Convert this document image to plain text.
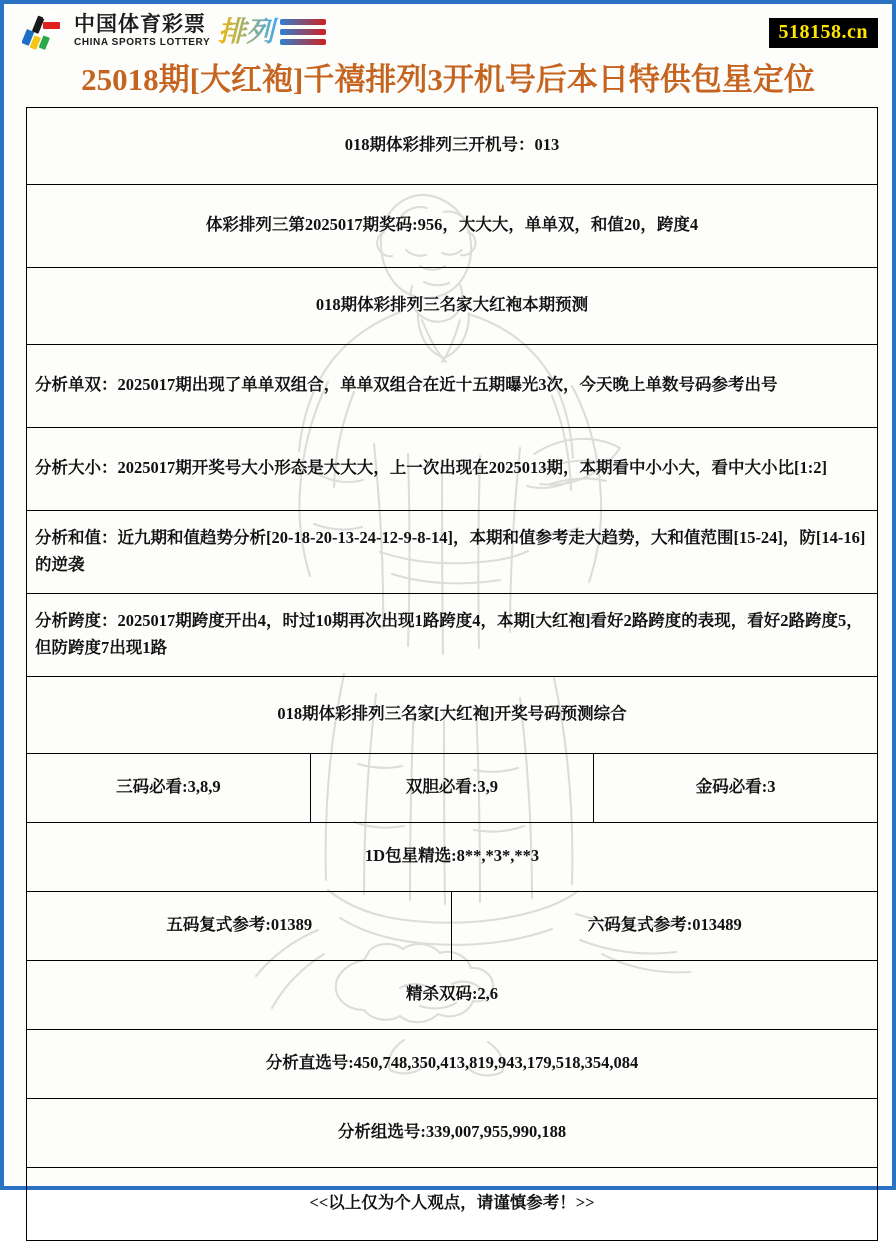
中国体育彩票
CHINA SPORTS LOTTERY 排列	518158.cn
25018期[大红袍]千禧排列3开机号后本日特供包星定位
018期体彩排列三开机号：013			
体彩排列三第2025017期奖码:956，大大大，单单双，和值20，跨度4			
018期体彩排列三名家大红袍本期预测			
分析单双：2025017期出现了单单双组合，单单双组合在近十五期曝光3次，今天晚上单数号码参考出号			
分析大小：2025017期开奖号大小形态是大大大，上一次出现在2025013期，本期看中小小大，看中大小比[1:2]			
分析和值：近九期和值趋势分析[20-18-20-13-24-12-9-8-14]，本期和值参考走大趋势，大和值范围[15-24]，防[14-16]的逆袭			
分析跨度：2025017期跨度开出4，时过10期再次出现1路跨度4，本期[大红袍]看好2路跨度的表现，看好2路跨度5，但防跨度7出现1路			
018期体彩排列三名家[大红袍]开奖号码预测综合			
三码必看:3,8,9	双胆必看:3,9		金码必看:3
1D包星精选:8**,*3*,**3			
五码复式参考:01389		六码复式参考:013489	
精杀双码:2,6			
分析直选号:450,748,350,413,819,943,179,518,354,084			
分析组选号:339,007,955,990,188			
<<以上仅为个人观点，请谨慎参考！>>			
